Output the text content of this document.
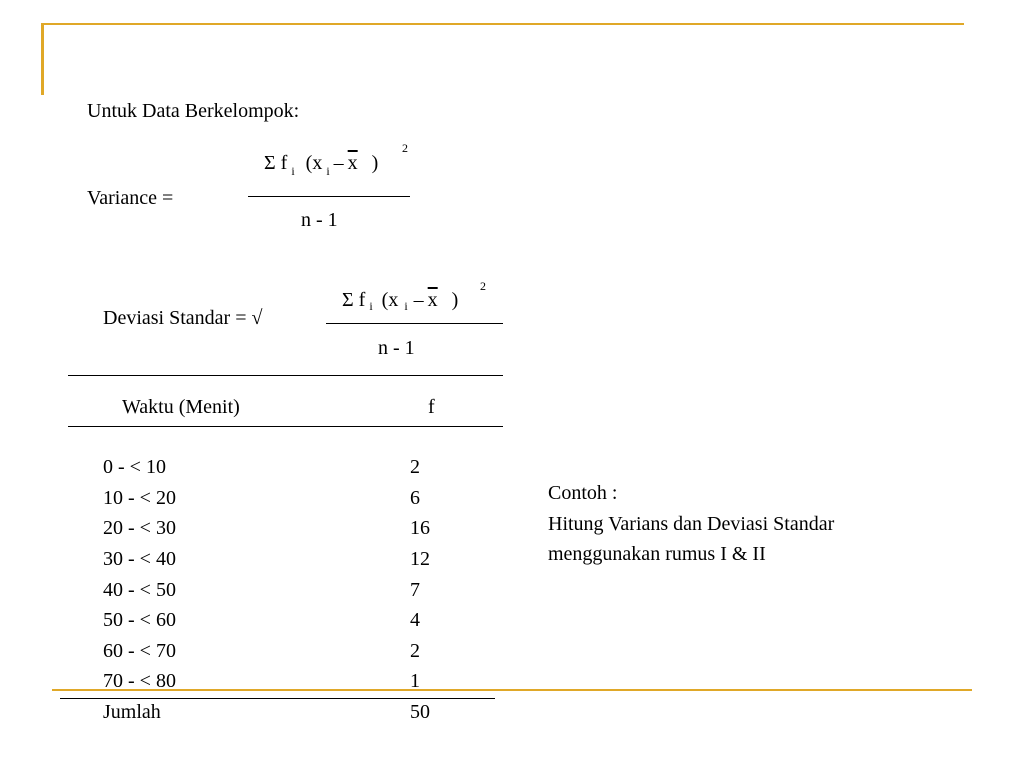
Untuk Data Berkelompok:
Variance =
Σ f $_i$ (x $_i - \overline{x}$ )
2
n - 1
Deviasi Standar = √
Σ f $_i$ (x $_i - \overline{x}$ )
2
n - 1
Waktu (Menit)	f
0 - < 10	2
10 - < 20	6
20 - < 30	16
30 - < 40	12
40 - < 50	7
50 - < 60	4
60 - < 70	2
70 - < 80	1
Jumlah	50
Contoh :
Hitung Varians dan Deviasi Standar
menggunakan rumus I & II
